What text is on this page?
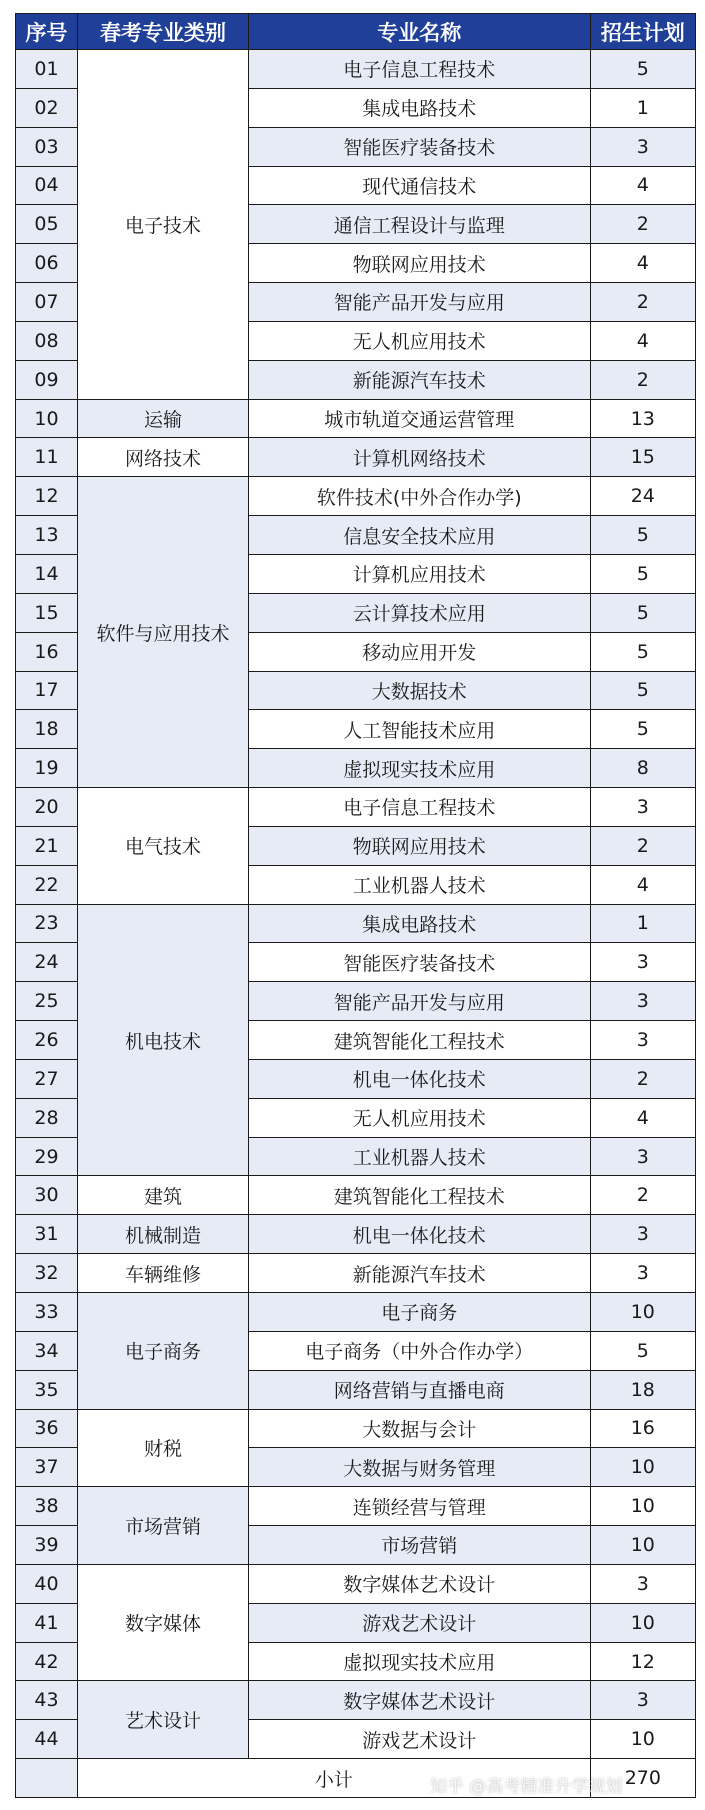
序号	春考专业类别	专业名称	招生计划
01	电子技术	电子信息工程技术	5
02		集成电路技术	1
03		智能医疗装备技术	3
04		现代通信技术	4
05		通信工程设计与监理	2
06		物联网应用技术	4
07		智能产品开发与应用	2
08		无人机应用技术	4
09		新能源汽车技术	2
10	运输	城市轨道交通运营管理	13
11	网络技术	计算机网络技术	15
12	软件与应用技术	软件技术(中外合作办学)	24
13		信息安全技术应用	5
14		计算机应用技术	5
15		云计算技术应用	5
16		移动应用开发	5
17		大数据技术	5
18		人工智能技术应用	5
19		虚拟现实技术应用	8
20	电气技术	电子信息工程技术	3
21		物联网应用技术	2
22		工业机器人技术	4
23	机电技术	集成电路技术	1
24		智能医疗装备技术	3
25		智能产品开发与应用	3
26		建筑智能化工程技术	3
27		机电一体化技术	2
28		无人机应用技术	4
29		工业机器人技术	3
30	建筑	建筑智能化工程技术	2
31	机械制造	机电一体化技术	3
32	车辆维修	新能源汽车技术	3
33	电子商务	电子商务	10
34		电子商务（中外合作办学）	5
35		网络营销与直播电商	18
36	财税	大数据与会计	16
37		大数据与财务管理	10
38	市场营销	连锁经营与管理	10
39		市场营销	10
40	数字媒体	数字媒体艺术设计	3
41		游戏艺术设计	10
42		虚拟现实技术应用	12
43	艺术设计	数字媒体艺术设计	3
44		游戏艺术设计	10
	小计		270
知乎 @高考精准升学规划
